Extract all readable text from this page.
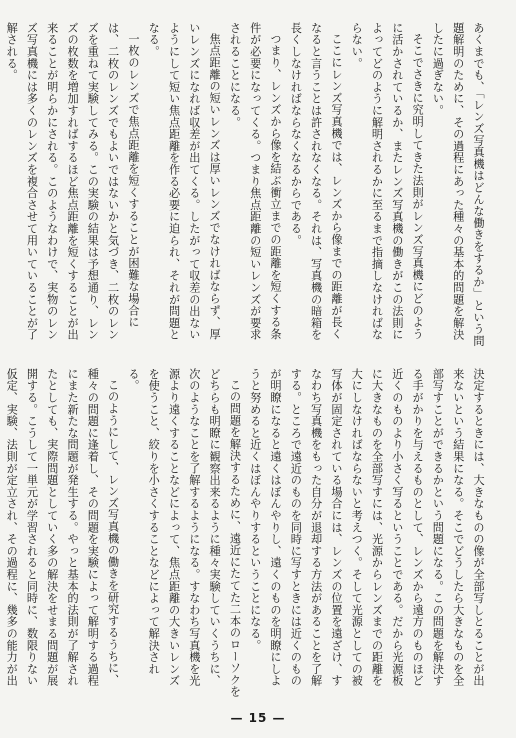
あくまでも、「レンズ写真機はどんな働きをするか」という問題解明のために、その過程にあった種々の基本的問題を解決したに過ぎない。

そこでさきに究明してきた法則がレンズ写真機にどのように活かされているか、またレンズ写真機の働きがこの法則によってどのように解明されるかに至るまで指摘しなければならない。

ここにレンズ写真機では、レンズから像までの距離が長くなると言うことは許されなくなる。それは、写真機の暗箱を長くしなければならなくなるからである。

つまり、レンズから像を結ぶ衝立までの距離を短くする条件が必要になってくる。つまり焦点距離の短いレンズが要求されることになる。

焦点距離の短いレンズは厚いレンズでなければならず、厚いレンズになれば収差が出てくる。したがって収差の出ないようにして短い焦点距離を作る必要に迫られ、それが問題となる。

一枚のレンズで焦点距離を短くすることが困難な場合には、二枚のレンズでもよいではないかと気づき、二枚のレンズを重ねて実験してみる。この実験の結果は予想通り、レンズの枚数を増加すればするほど焦点距離を短くすることが出来ることが明らかにされる。このようなわけで、実物のレンズ写真機には多くのレンズを複合させて用いていることが了解される。

決定するときには、大きなものの像が全部写しとることが出来ないという結果になる。そこでどうしたら大きなものを全部写すことができるかという問題になる。この問題を解決する手がかりを与えるものとして、レンズから遠方のものほど近くのものより小さく写るということである。だから光源板に大きなものを全部写すには、光源からレンズまでの距離を大にしなければならないと考えつく。そして光源としての被写体が固定されている場合には、レンズの位置を遠ざけ、すなわち写真機をもった自分が退却する方法があることを了解する。ところで遠近のものを同時に写すときには近くのものが明瞭になると遠くはぼんやりし、遠くのものを明瞭にしようと努めると近くはぼんやりするということになる。

この問題を解決するために、遠近にたてた二本のローソクをどちらも明瞭に観察出来るように種々実験していくうちに、次のようなことを了解するようになる。すなわち写真機を光源より遠くすることなどによって、焦点距離の大きいレンズを使うこと、絞りを小さくすることなどによって解決される。

このようにして、レンズ写真機の働きを研究するうちに、種々の問題に逢着し、その問題を実験によって解明する過程にまた新たな問題が発生する。やっと基本的法則が了解されたとしても、実際問題としていく多の解決をせまる問題が展開する。こうして一単元が学習されると同時に、数限りない仮定、実験、法則が定立され、その過程に、幾多の能力が出

— 15 —
